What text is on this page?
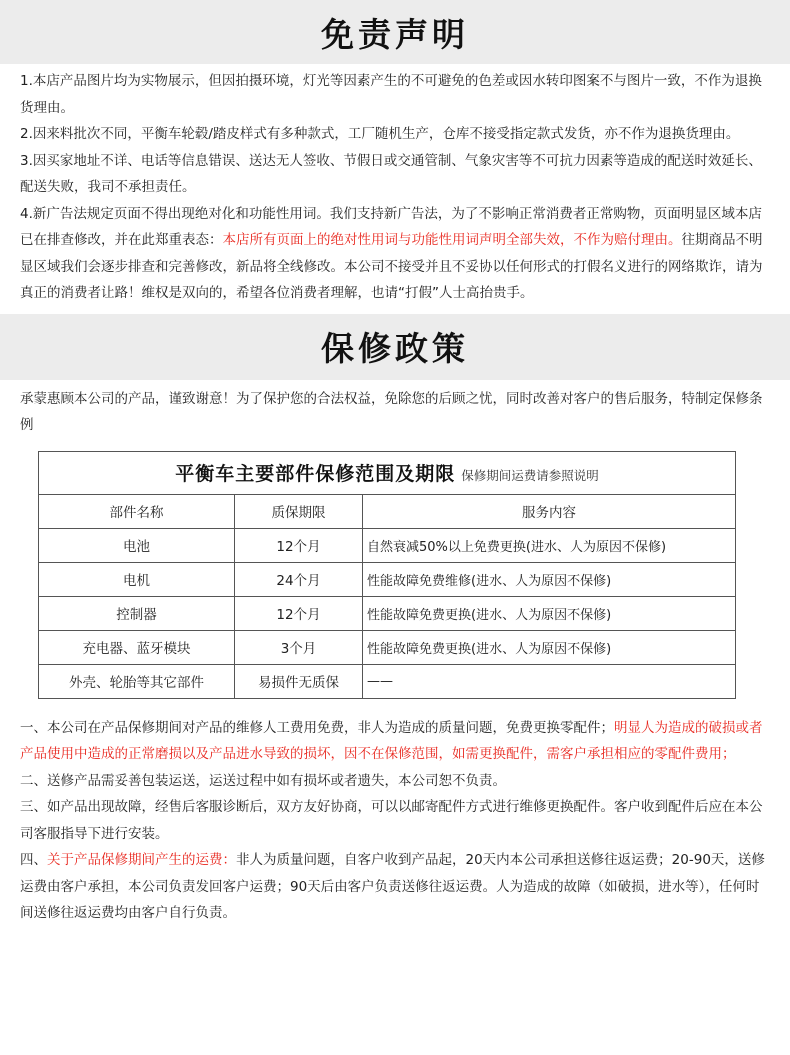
免责声明

1.本店产品图片均为实物展示，但因拍摄环境，灯光等因素产生的不可避免的色差或因水转印图案不与图片一致，不作为退换货理由。

2.因来料批次不同，平衡车轮毂/踏皮样式有多种款式，工厂随机生产，仓库不接受指定款式发货，亦不作为退换货理由。

3.因买家地址不详、电话等信息错误、送达无人签收、节假日或交通管制、气象灾害等不可抗力因素等造成的配送时效延长、配送失败，我司不承担责任。

4.新广告法规定页面不得出现绝对化和功能性用词。我们支持新广告法，为了不影响正常消费者正常购物，页面明显区域本店已在排查修改，并在此郑重表态：本店所有页面上的绝对性用词与功能性用词声明全部失效，不作为赔付理由。往期商品不明显区域我们会逐步排查和完善修改，新品将全线修改。本公司不接受并且不妥协以任何形式的打假名义进行的网络欺诈，请为真正的消费者让路！维权是双向的，希望各位消费者理解，也请“打假”人士高抬贵手。

保修政策

承蒙惠顾本公司的产品，谨致谢意！为了保护您的合法权益，免除您的后顾之忧，同时改善对客户的售后服务，特制定保修条例

平衡车主要部件保修范围及期限 保修期间运费请参照说明		
部件名称	质保期限	服务内容
电池	12个月	自然衰减50%以上免费更换(进水、人为原因不保修)
电机	24个月	性能故障免费维修(进水、人为原因不保修)
控制器	12个月	性能故障免费更换(进水、人为原因不保修)
充电器、蓝牙模块	3个月	性能故障免费更换(进水、人为原因不保修)
外壳、轮胎等其它部件	易损件无质保	——

一、本公司在产品保修期间对产品的维修人工费用免费，非人为造成的质量问题，免费更换零配件；明显人为造成的破损或者产品使用中造成的正常磨损以及产品进水导致的损坏，因不在保修范围，如需更换配件，需客户承担相应的零配件费用；

二、送修产品需妥善包装运送，运送过程中如有损坏或者遗失，本公司恕不负责。

三、如产品出现故障，经售后客服诊断后，双方友好协商，可以以邮寄配件方式进行维修更换配件。客户收到配件后应在本公司客服指导下进行安装。

四、关于产品保修期间产生的运费：非人为质量问题，自客户收到产品起，20天内本公司承担送修往返运费；20-90天，送修运费由客户承担，本公司负责发回客户运费；90天后由客户负责送修往返运费。人为造成的故障（如破损，进水等），任何时间送修往返运费均由客户自行负责。
